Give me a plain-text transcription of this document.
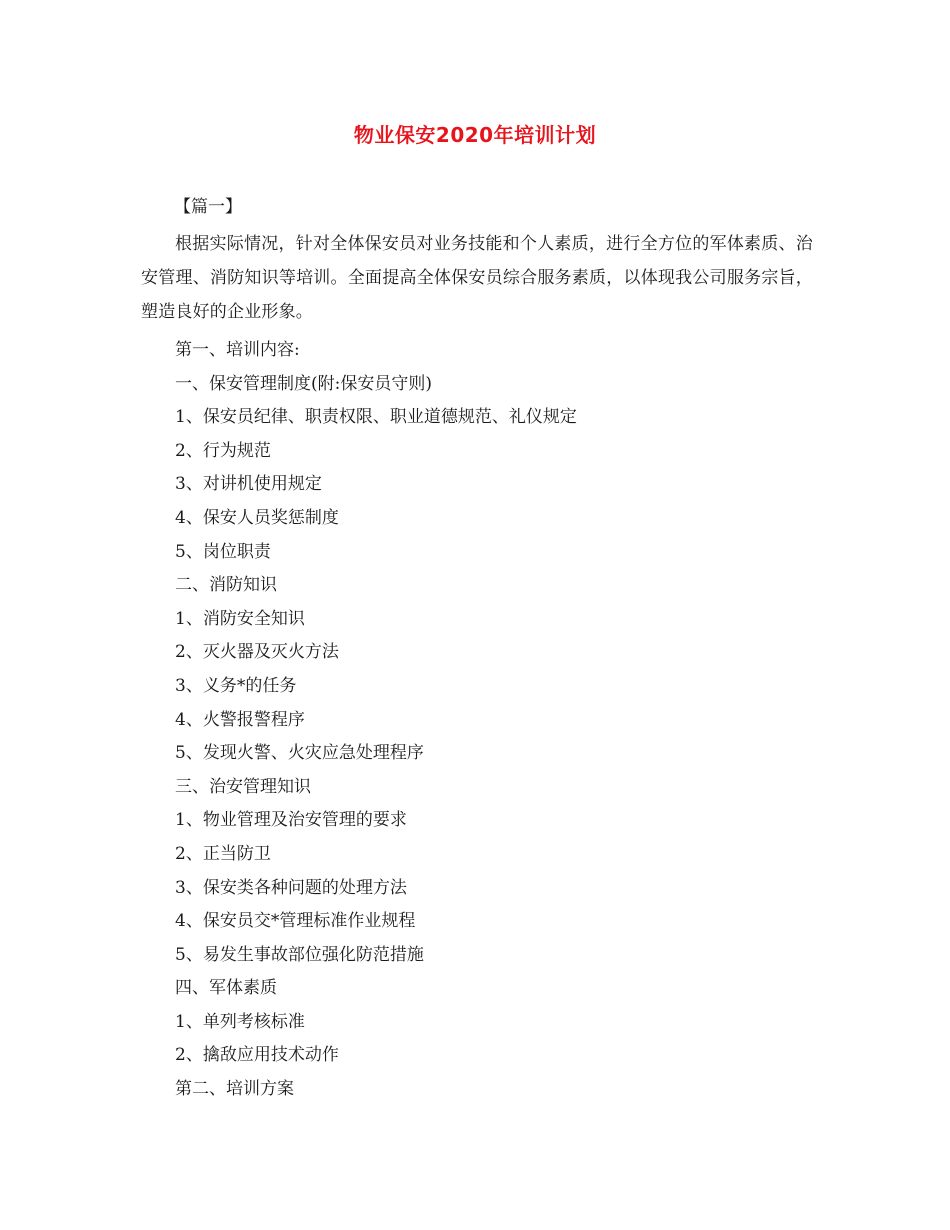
物业保安2020年培训计划
【篇一】

根据实际情况，针对全体保安员对业务技能和个人素质，进行全方位的军体素质、治安管理、消防知识等培训。全面提高全体保安员综合服务素质，以体现我公司服务宗旨，塑造良好的企业形象。

第一、培训内容:
一、保安管理制度(附:保安员守则)
1、保安员纪律、职责权限、职业道德规范、礼仪规定
2、行为规范
3、对讲机使用规定
4、保安人员奖惩制度
5、岗位职责
二、消防知识
1、消防安全知识
2、灭火器及灭火方法
3、义务*的任务
4、火警报警程序
5、发现火警、火灾应急处理程序
三、治安管理知识
1、物业管理及治安管理的要求
2、正当防卫
3、保安类各种问题的处理方法
4、保安员交*管理标准作业规程
5、易发生事故部位强化防范措施
四、军体素质
1、单列考核标准
2、擒敌应用技术动作
第二、培训方案
